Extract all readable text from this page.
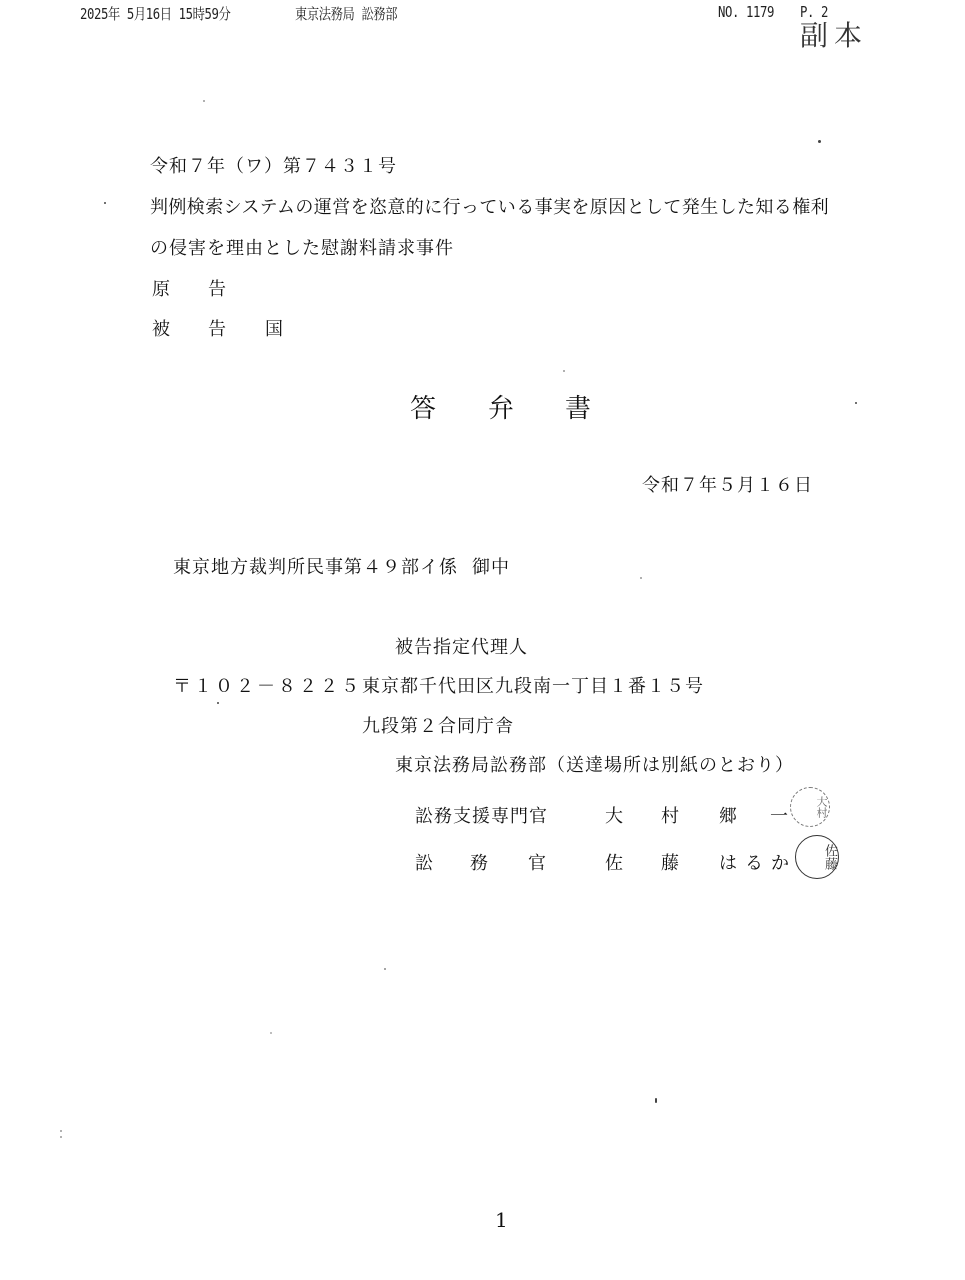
2025年 5月16日 15時59分	東京法務局 訟務部	NO. 1179 P. 2
副本
令和７年（ワ）第７４３１号
判例検索システムの運営を恣意的に行っている事実を原因として発生した知る権利
の侵害を理由とした慰謝料請求事件
原 告
被 告 国
答 弁 書
令和７年５月１６日
東京地方裁判所民事第４９部イ係 御中
被告指定代理人
〒１０２－８２２５ 東京都千代田区九段南一丁目１番１５号
九段第２合同庁舎
東京法務局訟務部（送達場所は別紙のとおり）
訟務支援専門官	大 村 郷 一	大村
訟 務 官	佐 藤 は る か	佐藤
1
